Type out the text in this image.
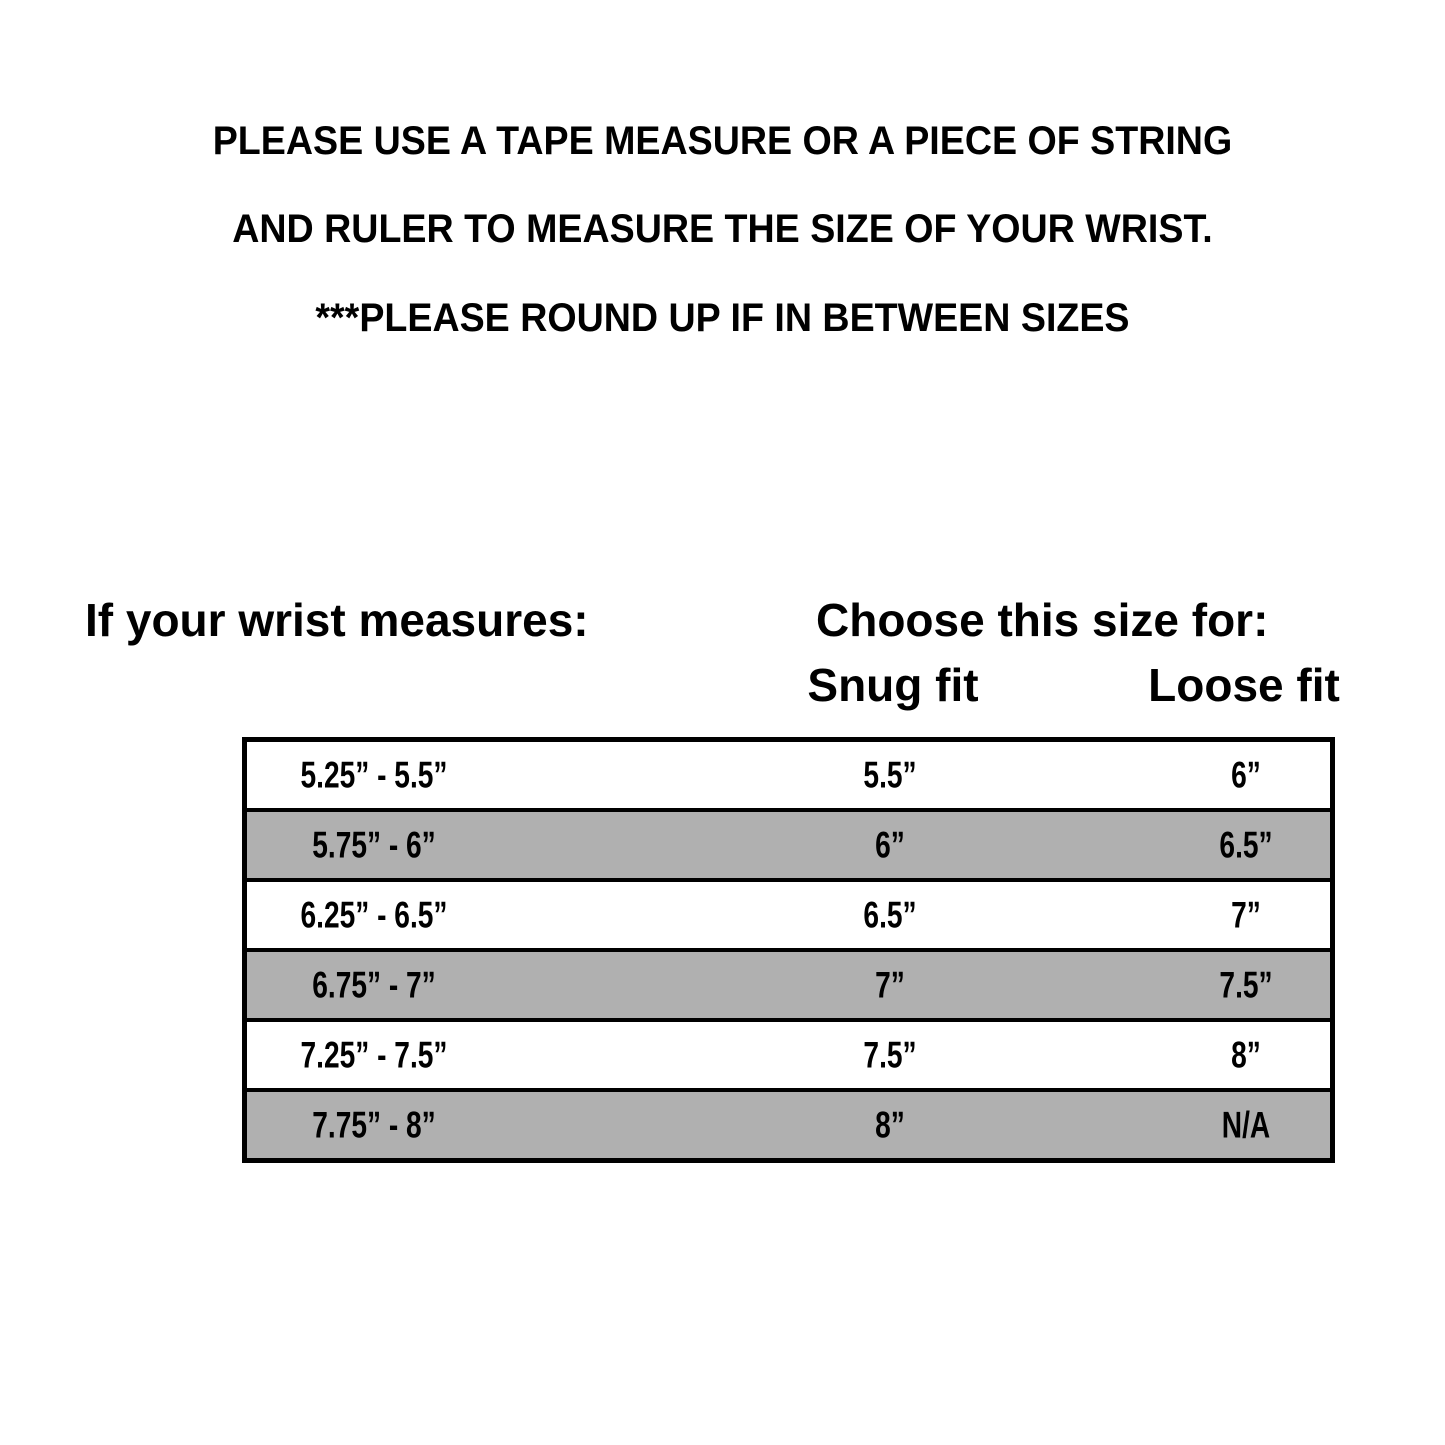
PLEASE USE A TAPE MEASURE OR A PIECE OF STRING
AND RULER TO MEASURE THE SIZE OF YOUR WRIST.
***PLEASE ROUND UP IF IN BETWEEN SIZES
If your wrist measures:	Choose this size for:
Snug fit	Loose fit
5.25” - 5.5”	5.5”	6”
5.75” - 6”	6”	6.5”
6.25” - 6.5”	6.5”	7”
6.75” - 7”	7”	7.5”
7.25” - 7.5”	7.5”	8”
7.75” - 8”	8”	N/A
